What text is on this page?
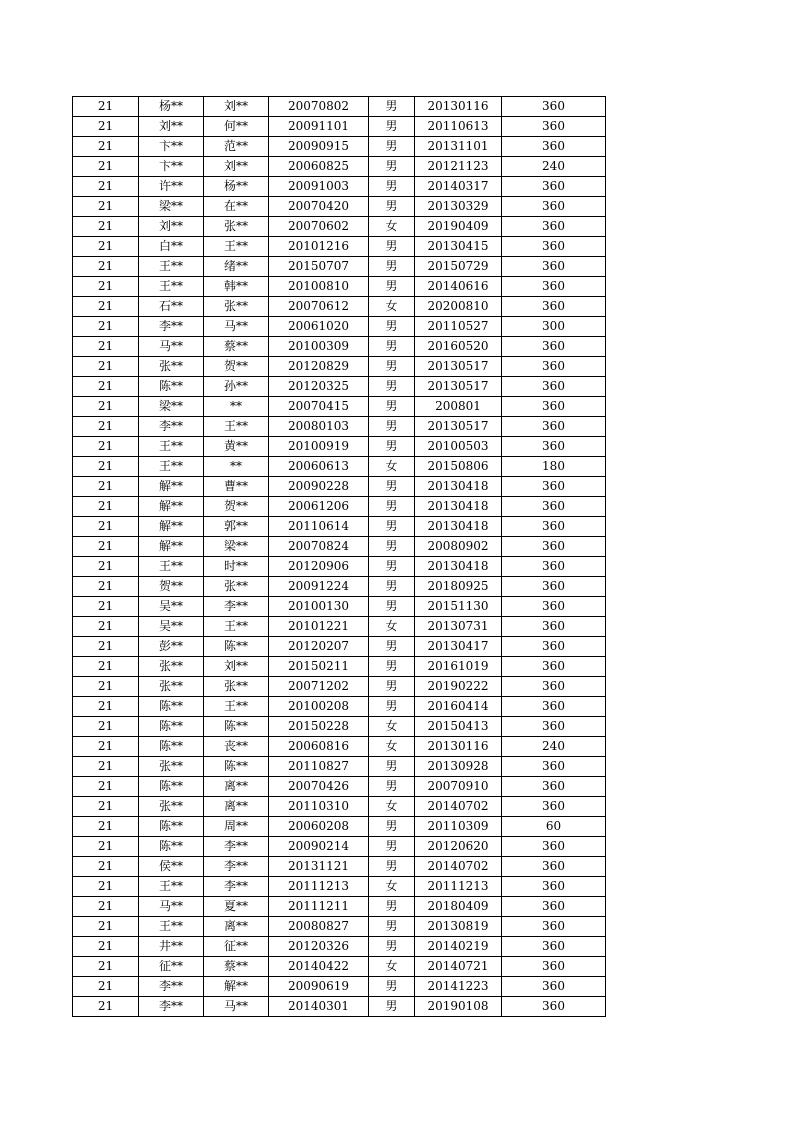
21	杨**	刘**	20070802	男	20130116	360
21	刘**	何**	20091101	男	20110613	360
21	卞**	范**	20090915	男	20131101	360
21	卞**	刘**	20060825	男	20121123	240
21	许**	杨**	20091003	男	20140317	360
21	梁**	在**	20070420	男	20130329	360
21	刘**	张**	20070602	女	20190409	360
21	白**	王**	20101216	男	20130415	360
21	王**	绪**	20150707	男	20150729	360
21	王**	韩**	20100810	男	20140616	360
21	石**	张**	20070612	女	20200810	360
21	李**	马**	20061020	男	20110527	300
21	马**	蔡**	20100309	男	20160520	360
21	张**	贺**	20120829	男	20130517	360
21	陈**	孙**	20120325	男	20130517	360
21	梁**	**	20070415	男	200801	360
21	李**	王**	20080103	男	20130517	360
21	王**	黄**	20100919	男	20100503	360
21	王**	**	20060613	女	20150806	180
21	解**	曹**	20090228	男	20130418	360
21	解**	贺**	20061206	男	20130418	360
21	解**	郭**	20110614	男	20130418	360
21	解**	梁**	20070824	男	20080902	360
21	王**	时**	20120906	男	20130418	360
21	贺**	张**	20091224	男	20180925	360
21	吴**	李**	20100130	男	20151130	360
21	吴**	王**	20101221	女	20130731	360
21	彭**	陈**	20120207	男	20130417	360
21	张**	刘**	20150211	男	20161019	360
21	张**	张**	20071202	男	20190222	360
21	陈**	王**	20100208	男	20160414	360
21	陈**	陈**	20150228	女	20150413	360
21	陈**	丧**	20060816	女	20130116	240
21	张**	陈**	20110827	男	20130928	360
21	陈**	离**	20070426	男	20070910	360
21	张**	离**	20110310	女	20140702	360
21	陈**	周**	20060208	男	20110309	60
21	陈**	李**	20090214	男	20120620	360
21	侯**	李**	20131121	男	20140702	360
21	王**	李**	20111213	女	20111213	360
21	马**	夏**	20111211	男	20180409	360
21	王**	离**	20080827	男	20130819	360
21	井**	征**	20120326	男	20140219	360
21	征**	蔡**	20140422	女	20140721	360
21	李**	解**	20090619	男	20141223	360
21	李**	马**	20140301	男	20190108	360
